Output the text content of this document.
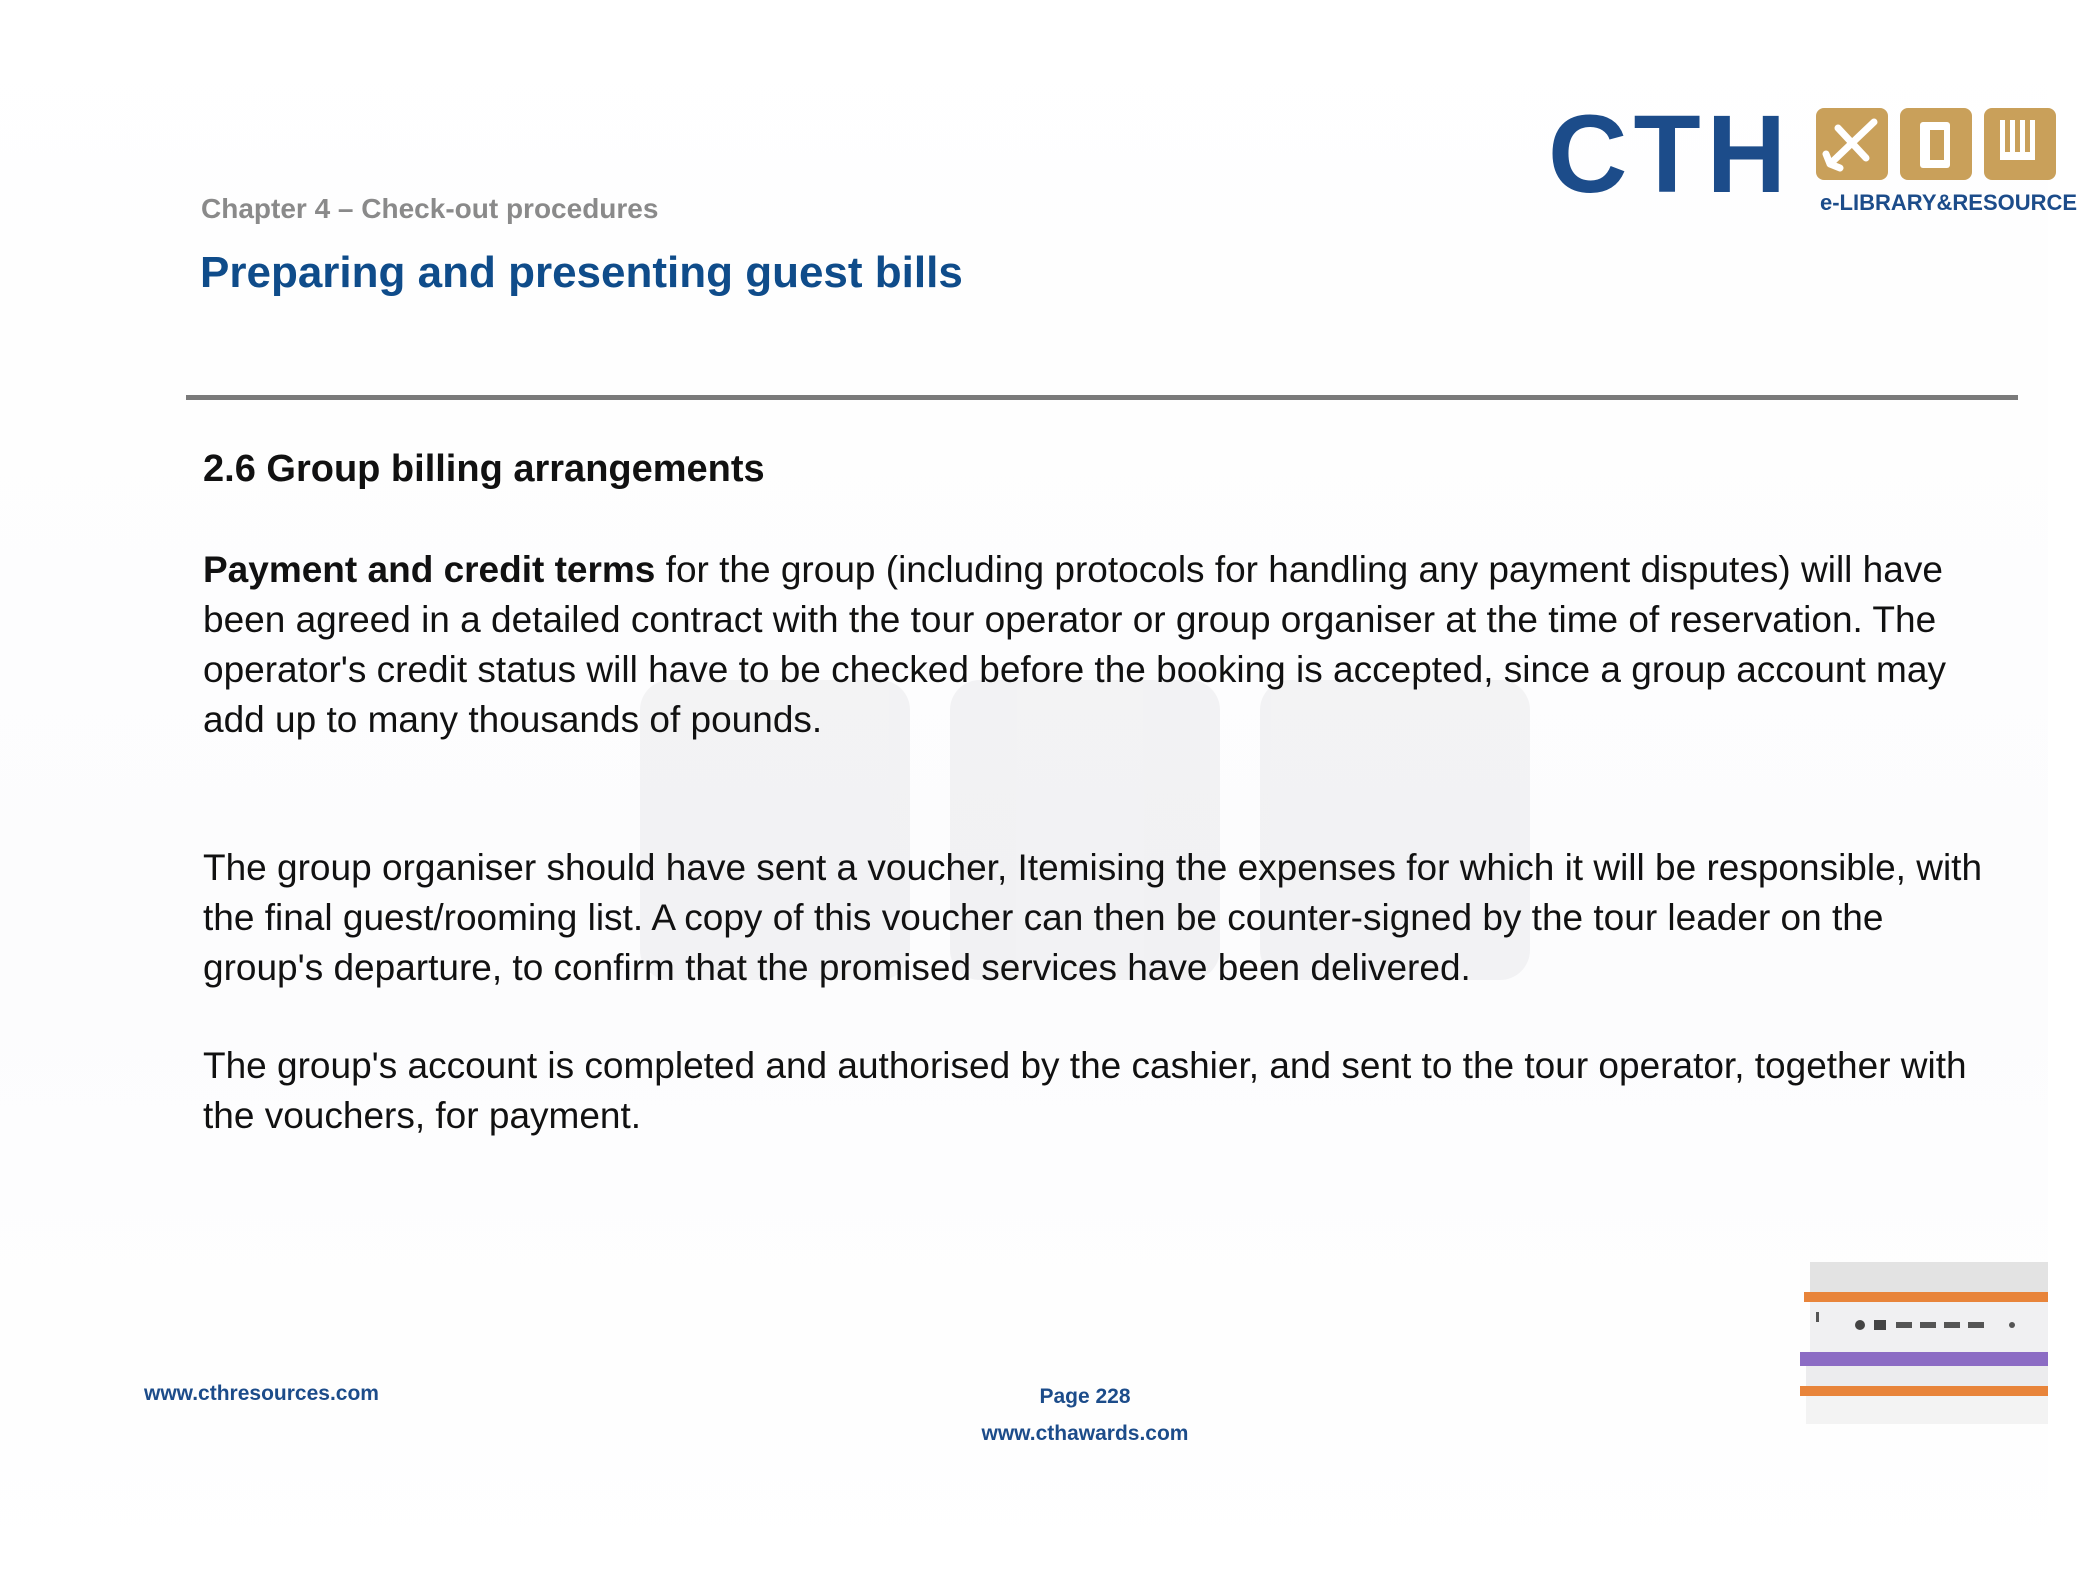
CTH e-LIBRARY&RESOURCE
Chapter 4 – Check-out procedures
Preparing and presenting guest bills
2.6 Group billing arrangements
Payment and credit terms for the group (including protocols for handling any payment disputes) will have been agreed in a detailed contract with the tour operator or group organiser at the time of reservation. The operator's credit status will have to be checked before the booking is accepted, since a group account may add up to many thousands of pounds.
The group organiser should have sent a voucher, Itemising the expenses for which it will be responsible, with the final guest/rooming list. A copy of this voucher can then be counter-signed by the tour leader on the group's departure, to confirm that the promised services have been delivered.
The group's account is completed and authorised by the cashier, and sent to the tour operator, together with the vouchers, for payment.
www.cthresources.com	Page 228
www.cthawards.com
